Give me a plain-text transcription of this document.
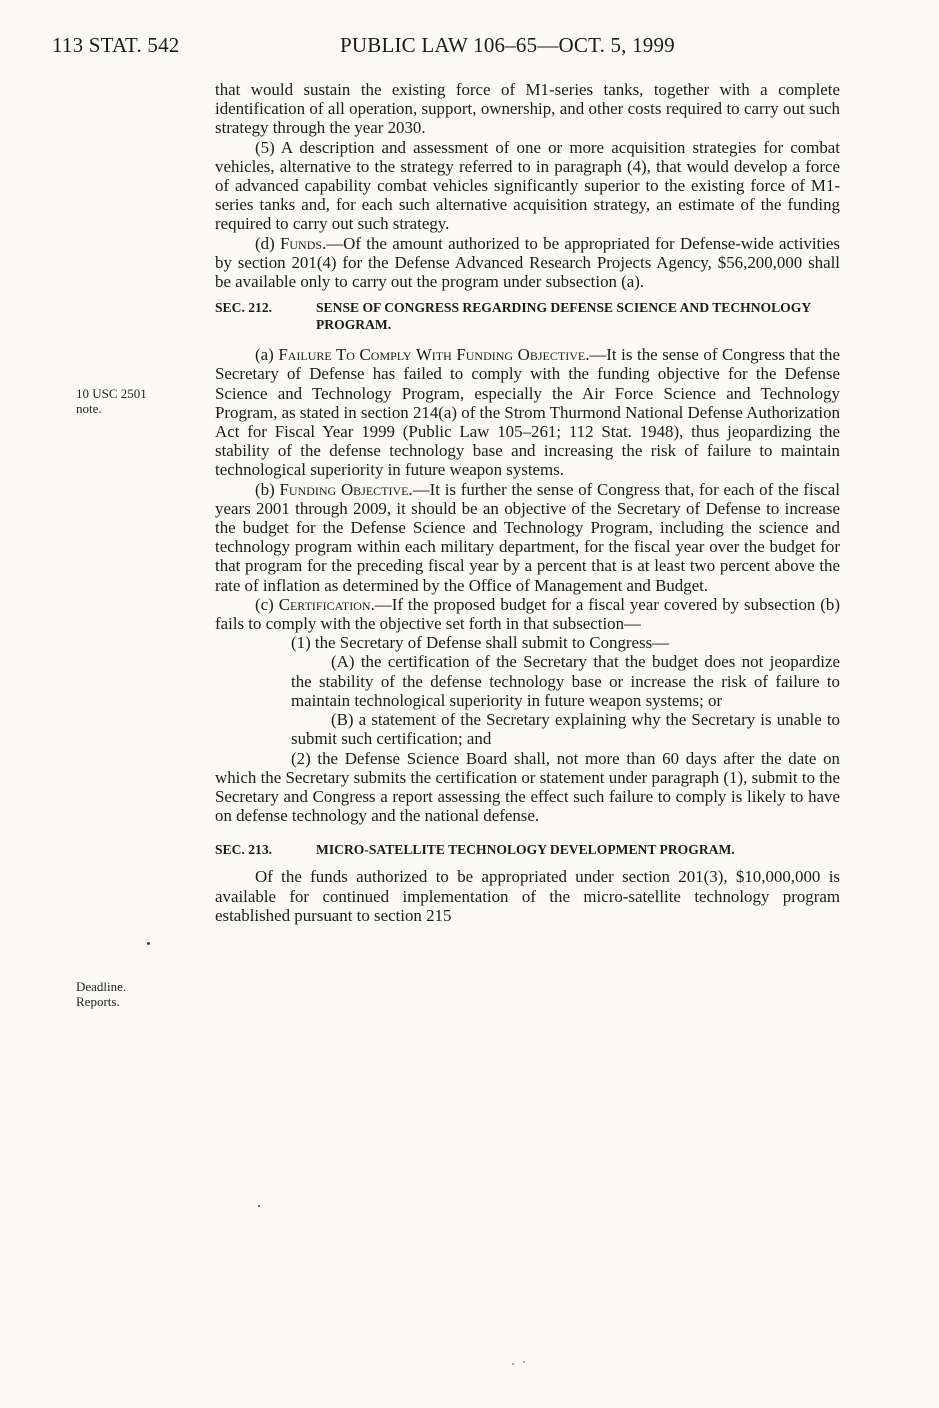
113 STAT. 542	PUBLIC LAW 106–65—OCT. 5, 1999
10 USC 2501
note.
Deadline.
Reports.

that would sustain the existing force of M1-series tanks, together with a complete identification of all operation, support, ownership, and other costs required to carry out such strategy through the year 2030.

(5) A description and assessment of one or more acquisition strategies for combat vehicles, alternative to the strategy referred to in paragraph (4), that would develop a force of advanced capability combat vehicles significantly superior to the existing force of M1-series tanks and, for each such alternative acquisition strategy, an estimate of the funding required to carry out such strategy.

(d) Funds.—Of the amount authorized to be appropriated for Defense-wide activities by section 201(4) for the Defense Advanced Research Projects Agency, $56,200,000 shall be available only to carry out the program under subsection (a).

SEC. 212.	SENSE OF CONGRESS REGARDING DEFENSE SCIENCE AND TECHNOLOGY PROGRAM.

(a) Failure To Comply With Funding Objective.—It is the sense of Congress that the Secretary of Defense has failed to comply with the funding objective for the Defense Science and Technology Program, especially the Air Force Science and Technology Program, as stated in section 214(a) of the Strom Thurmond National Defense Authorization Act for Fiscal Year 1999 (Public Law 105–261; 112 Stat. 1948), thus jeopardizing the stability of the defense technology base and increasing the risk of failure to maintain technological superiority in future weapon systems.

(b) Funding Objective.—It is further the sense of Congress that, for each of the fiscal years 2001 through 2009, it should be an objective of the Secretary of Defense to increase the budget for the Defense Science and Technology Program, including the science and technology program within each military department, for the fiscal year over the budget for that program for the preceding fiscal year by a percent that is at least two percent above the rate of inflation as determined by the Office of Management and Budget.

(c) Certification.—If the proposed budget for a fiscal year covered by subsection (b) fails to comply with the objective set forth in that subsection—

(1) the Secretary of Defense shall submit to Congress—

(A) the certification of the Secretary that the budget does not jeopardize the stability of the defense technology base or increase the risk of failure to maintain technological superiority in future weapon systems; or

(B) a statement of the Secretary explaining why the Secretary is unable to submit such certification; and

(2) the Defense Science Board shall, not more than 60 days after the date on which the Secretary submits the certification or statement under paragraph (1), submit to the Secretary and Congress a report assessing the effect such failure to comply is likely to have on defense technology and the national defense.

SEC. 213.	MICRO-SATELLITE TECHNOLOGY DEVELOPMENT PROGRAM.

Of the funds authorized to be appropriated under section 201(3), $10,000,000 is available for continued implementation of the micro-satellite technology program established pursuant to section 215
